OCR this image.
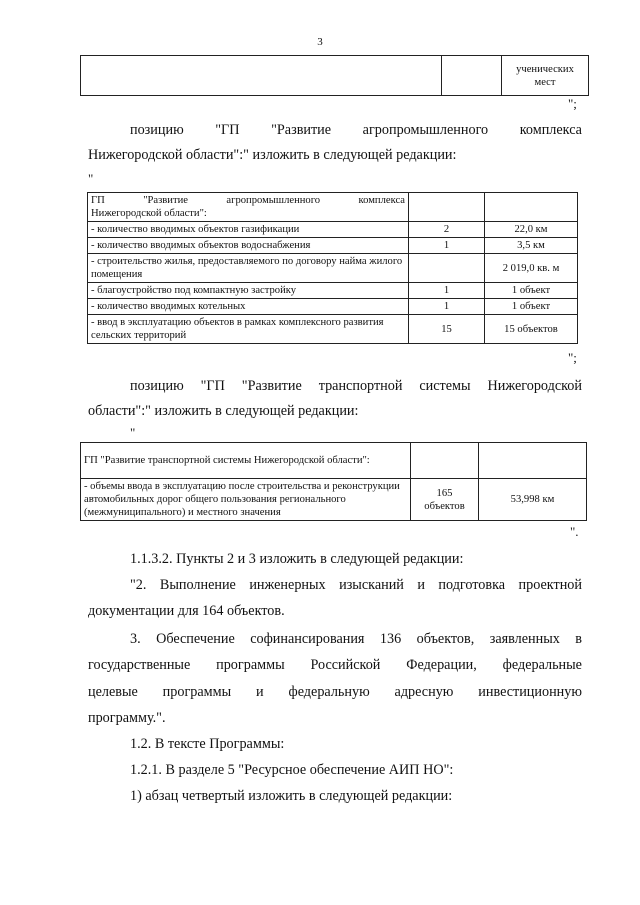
3

ученических
мест
";
позицию "ГП "Развитие агропромышленного комплекса
Нижегородской области":" изложить в следующей редакции:
"
ГП "Развитие агропромышленного комплекса
Нижегородской области":		

- количество вводимых объектов газификации	2	22,0 км
- количество вводимых объектов водоснабжения	1	3,5 км
- строительство жилья, предоставляемого по договору найма жилого помещения		2 019,0 кв. м
- благоустройство под компактную застройку	1	1 объект
- количество вводимых котельных	1	1 объект
- ввод в эксплуатацию объектов в рамках комплексного развития сельских территорий	15	15 объектов
";
позицию "ГП "Развитие транспортной системы Нижегородской
области":" изложить в следующей редакции:
"
ГП "Развитие транспортной системы Нижегородской области":		
- объемы ввода в эксплуатацию после строительства и реконструкции автомобильных дорог общего пользования регионального (межмуниципального) и местного значения	165
объектов	53,998 км
".
1.1.3.2. Пункты 2 и 3 изложить в следующей редакции:
"2. Выполнение инженерных изысканий и подготовка проектной
документации для 164 объектов.
3. Обеспечение софинансирования 136 объектов, заявленных в
государственные программы Российской Федерации, федеральные
целевые программы и федеральную адресную инвестиционную
программу.".
1.2. В тексте Программы:
1.2.1. В разделе 5 "Ресурсное обеспечение АИП НО":
1) абзац четвертый изложить в следующей редакции:
